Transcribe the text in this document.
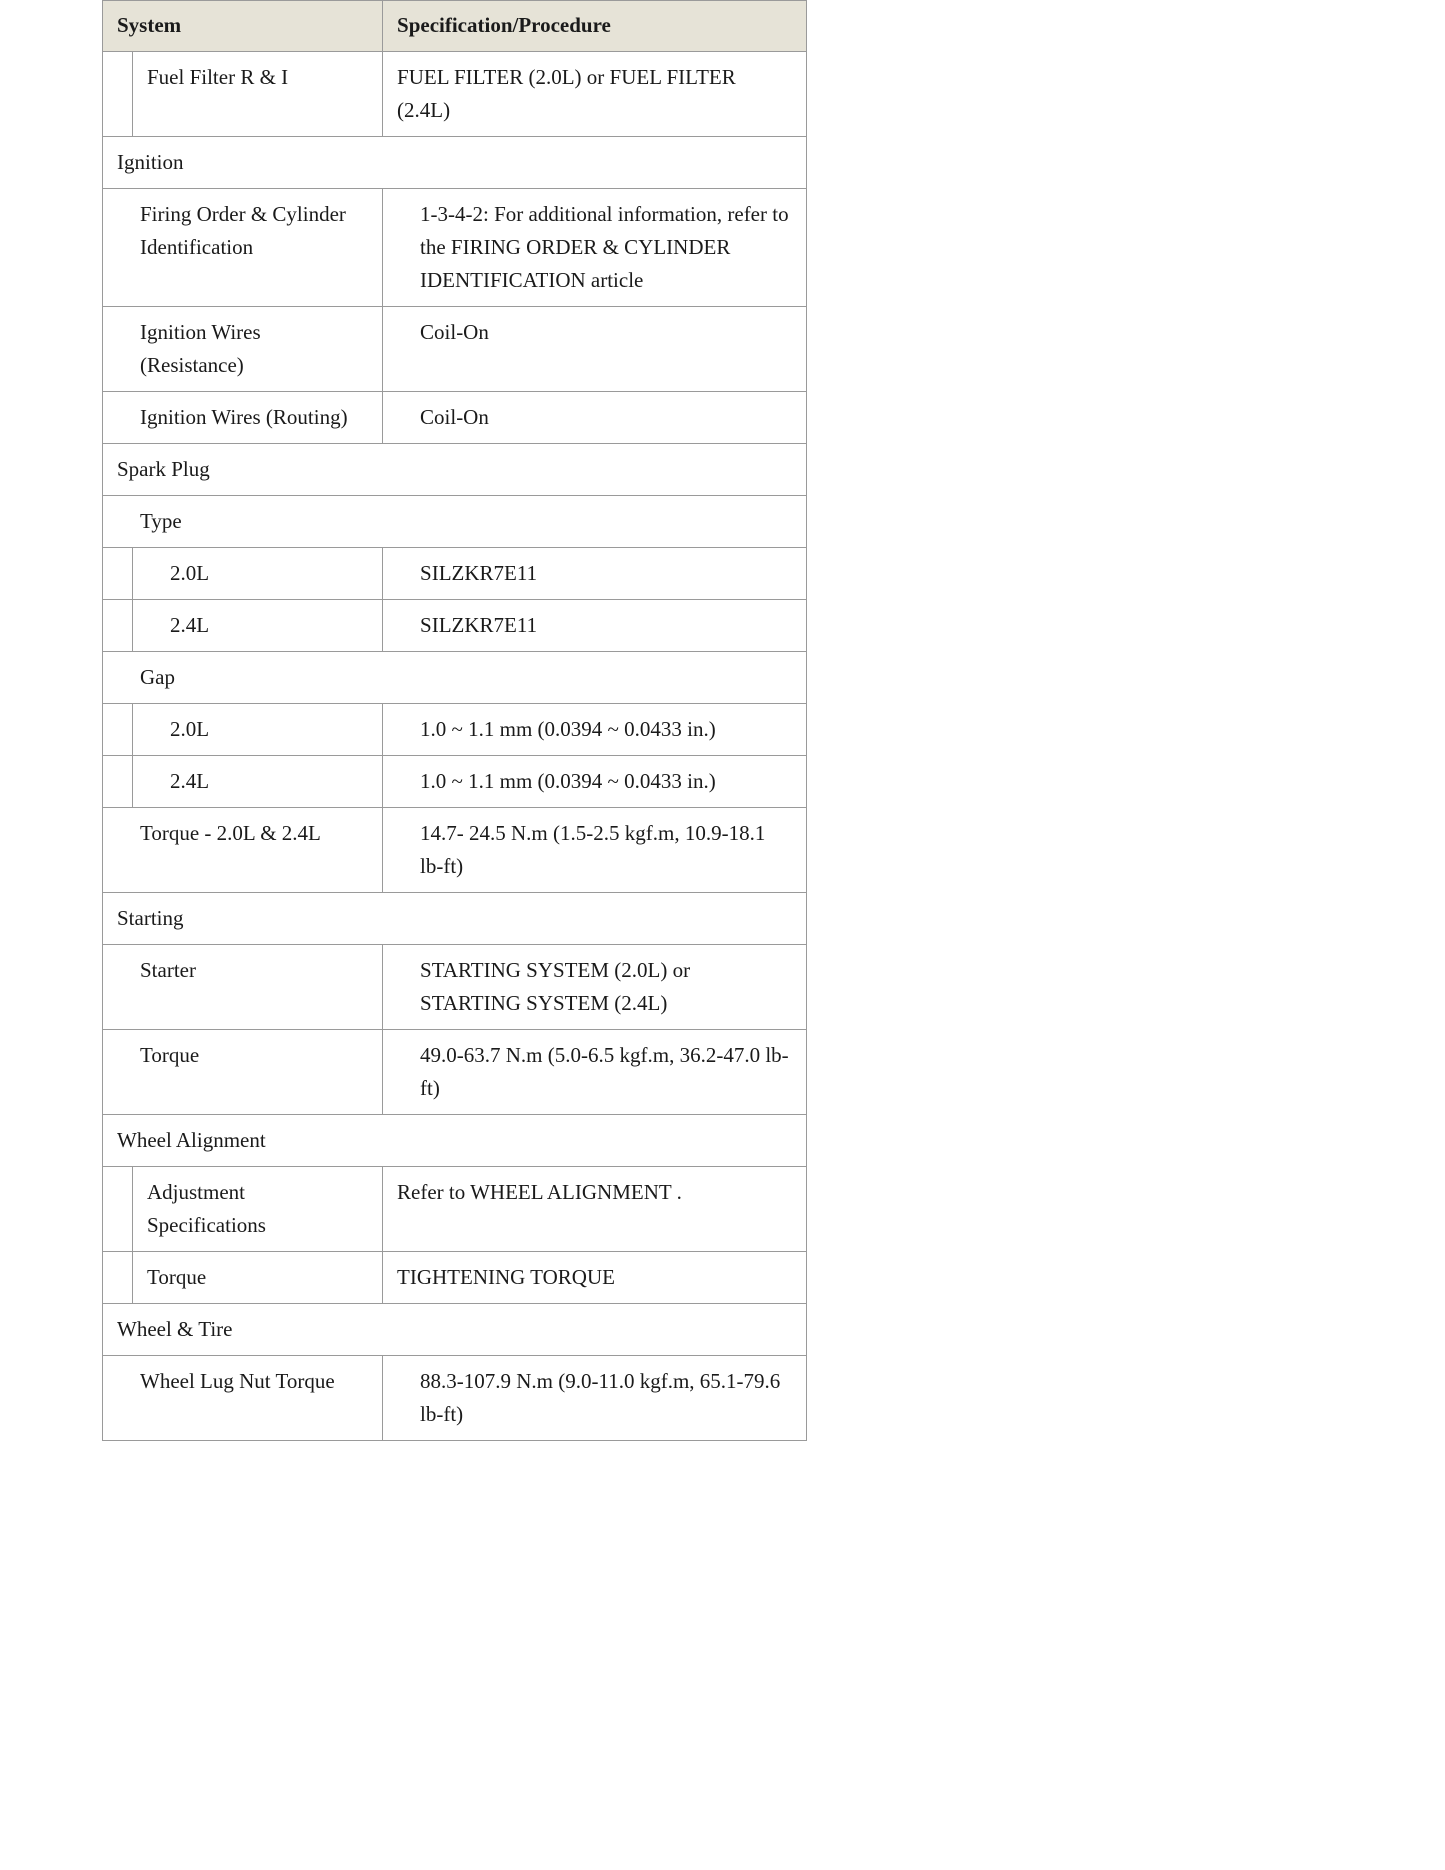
System		Specification/Procedure
	Fuel Filter R & I	FUEL FILTER (2.0L) or FUEL FILTER (2.4L)
Ignition		
Firing Order & Cylinder Identification		1-3-4-2: For additional information, refer to the FIRING ORDER & CYLINDER IDENTIFICATION article
Ignition Wires (Resistance)		Coil-On
Ignition Wires (Routing)		Coil-On
Spark Plug		
Type		
	2.0L	SILZKR7E11
	2.4L	SILZKR7E11
Gap		
	2.0L	1.0 ~ 1.1 mm (0.0394 ~ 0.0433 in.)
	2.4L	1.0 ~ 1.1 mm (0.0394 ~ 0.0433 in.)
Torque - 2.0L & 2.4L		14.7- 24.5 N.m (1.5-2.5 kgf.m, 10.9-18.1 lb-ft)
Starting		
Starter		STARTING SYSTEM (2.0L) or STARTING SYSTEM (2.4L)
Torque		49.0-63.7 N.m (5.0-6.5 kgf.m, 36.2-47.0 lb-ft)
Wheel Alignment		
	Adjustment Specifications	Refer to WHEEL ALIGNMENT .
	Torque	TIGHTENING TORQUE
Wheel & Tire		
Wheel Lug Nut Torque		88.3-107.9 N.m (9.0-11.0 kgf.m, 65.1-79.6 lb-ft)
